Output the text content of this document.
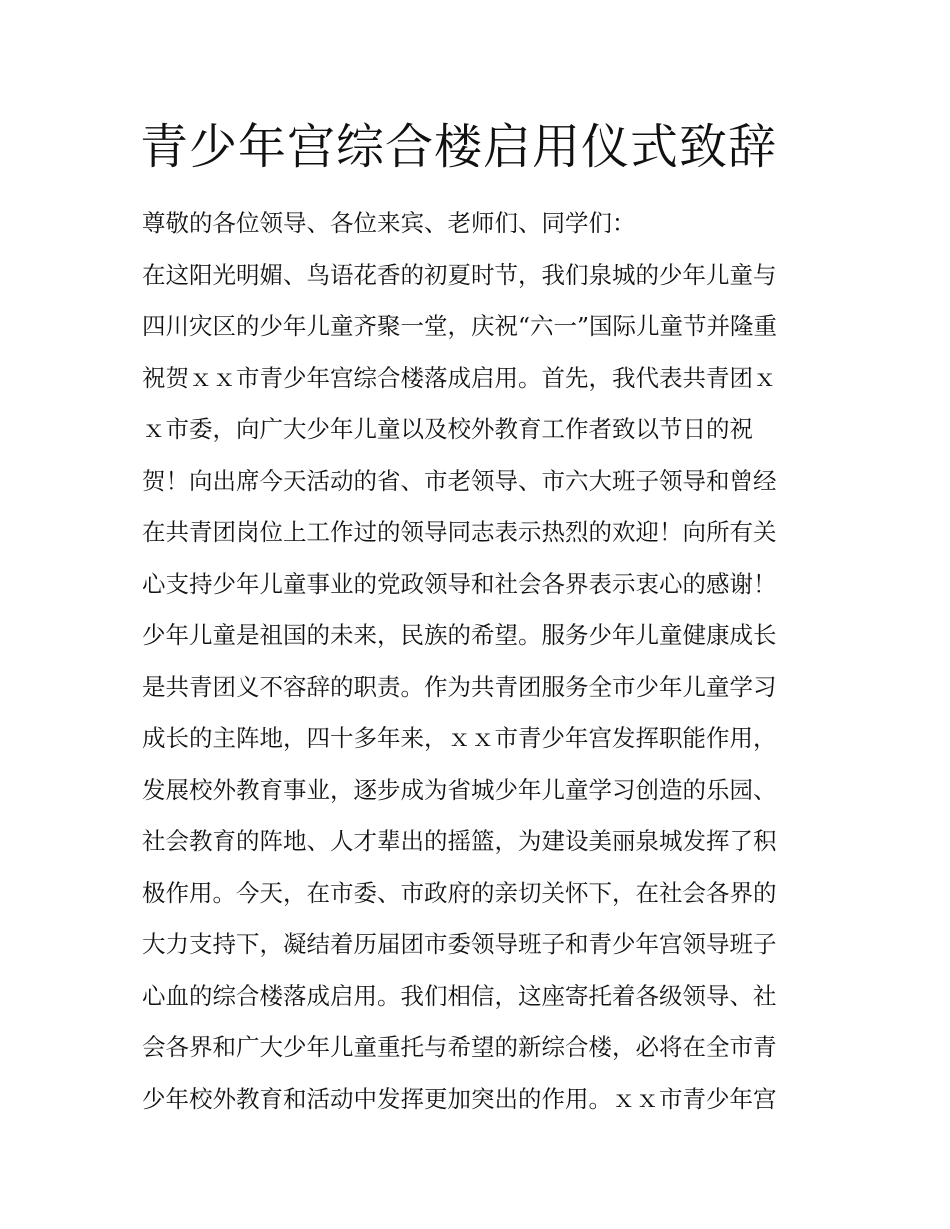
青少年宫综合楼启用仪式致辞
尊敬的各位领导、各位来宾、老师们、同学们：
在这阳光明媚、鸟语花香的初夏时节，我们泉城的少年儿童与
四川灾区的少年儿童齐聚一堂，庆祝“六一”国际儿童节并隆重
祝贺ｘｘ市青少年宫综合楼落成启用。首先，我代表共青团ｘ
ｘ市委，向广大少年儿童以及校外教育工作者致以节日的祝
贺！向出席今天活动的省、市老领导、市六大班子领导和曾经
在共青团岗位上工作过的领导同志表示热烈的欢迎！向所有关
心支持少年儿童事业的党政领导和社会各界表示衷心的感谢！
少年儿童是祖国的未来，民族的希望。服务少年儿童健康成长
是共青团义不容辞的职责。作为共青团服务全市少年儿童学习
成长的主阵地，四十多年来，ｘｘ市青少年宫发挥职能作用，
发展校外教育事业，逐步成为省城少年儿童学习创造的乐园、
社会教育的阵地、人才辈出的摇篮，为建设美丽泉城发挥了积
极作用。今天，在市委、市政府的亲切关怀下，在社会各界的
大力支持下，凝结着历届团市委领导班子和青少年宫领导班子
心血的综合楼落成启用。我们相信，这座寄托着各级领导、社
会各界和广大少年儿童重托与希望的新综合楼，必将在全市青
少年校外教育和活动中发挥更加突出的作用。ｘｘ市青少年宫
